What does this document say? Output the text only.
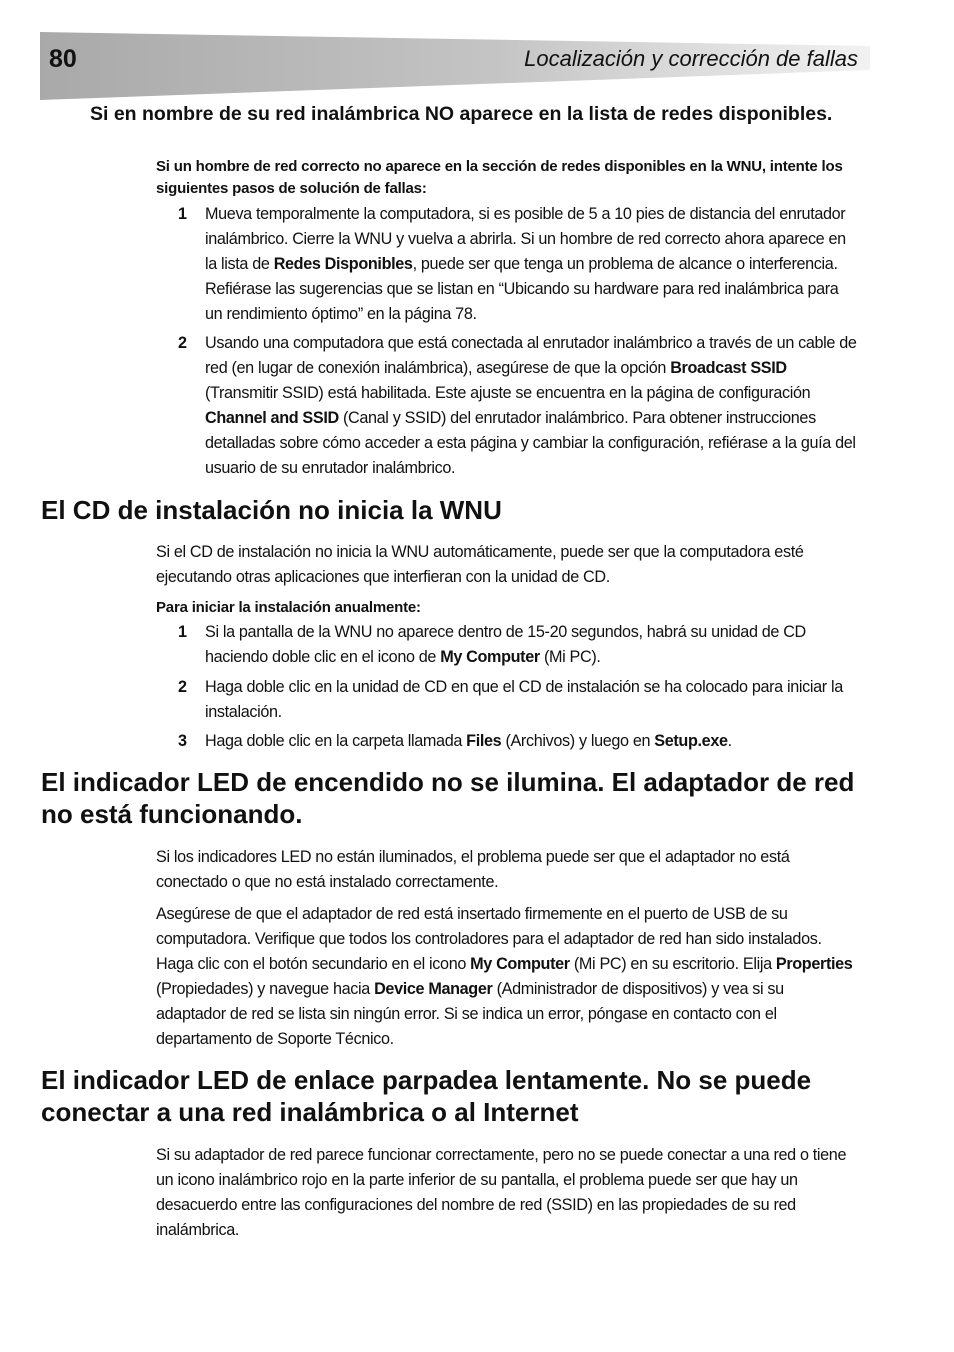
80	Localización y corrección de fallas
Si en nombre de su red inalámbrica NO aparece en la lista de redes disponibles.
Si un hombre de red correcto no aparece en la sección de redes disponibles en la WNU, intente los siguientes pasos de solución de fallas:
1	Mueva temporalmente la computadora, si es posible de 5 a 10 pies de distancia del enrutador inalámbrico. Cierre la WNU y vuelva a abrirla. Si un hombre de red correcto ahora aparece en la lista de Redes Disponibles, puede ser que tenga un problema de alcance o interferencia. Refiérase las sugerencias que se listan en “Ubicando su hardware para red inalámbrica para un rendimiento óptimo” en la página 78.
2	Usando una computadora que está conectada al enrutador inalámbrico a través de un cable de red (en lugar de conexión inalámbrica), asegúrese de que la opción Broadcast SSID (Transmitir SSID) está habilitada. Este ajuste se encuentra en la página de configuración Channel and SSID (Canal y SSID) del enrutador inalámbrico. Para obtener instrucciones detalladas sobre cómo acceder a esta página y cambiar la configuración, refiérase a la guía del usuario de su enrutador inalámbrico.
El CD de instalación no inicia la WNU
Si el CD de instalación no inicia la WNU automáticamente, puede ser que la computadora esté ejecutando otras aplicaciones que interfieran con la unidad de CD.
Para iniciar la instalación anualmente:
1	Si la pantalla de la WNU no aparece dentro de 15-20 segundos, habrá su unidad de CD haciendo doble clic en el icono de My Computer (Mi PC).
2	Haga doble clic en la unidad de CD en que el CD de instalación se ha colocado para iniciar la instalación.
3	Haga doble clic en la carpeta llamada Files (Archivos) y luego en Setup.exe.
El indicador LED de encendido no se ilumina. El adaptador de red no está funcionando.
Si los indicadores LED no están iluminados, el problema puede ser que el adaptador no está conectado o que no está instalado correctamente.
Asegúrese de que el adaptador de red está insertado firmemente en el puerto de USB de su computadora. Verifique que todos los controladores para el adaptador de red han sido instalados. Haga clic con el botón secundario en el icono My Computer (Mi PC) en su escritorio. Elija Properties (Propiedades) y navegue hacia Device Manager (Administrador de dispositivos) y vea si su adaptador de red se lista sin ningún error. Si se indica un error, póngase en contacto con el departamento de Soporte Técnico.
El indicador LED de enlace parpadea lentamente. No se puede conectar a una red inalámbrica o al Internet
Si su adaptador de red parece funcionar correctamente, pero no se puede conectar a una red o tiene un icono inalámbrico rojo en la parte inferior de su pantalla, el problema puede ser que hay un desacuerdo entre las configuraciones del nombre de red (SSID) en las propiedades de su red inalámbrica.
